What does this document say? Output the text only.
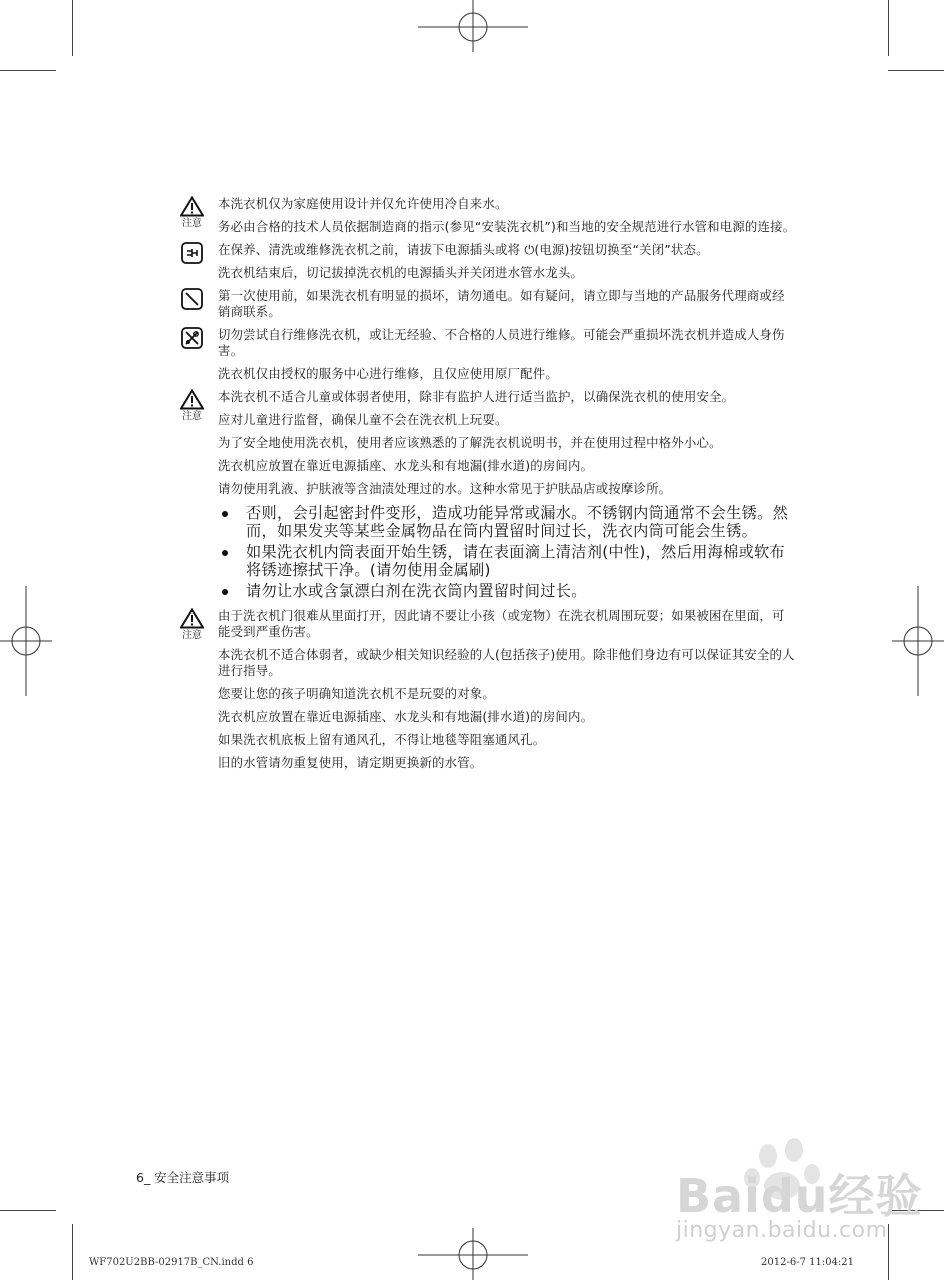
注意

本洗衣机仅为家庭使用设计并仅允许使用冷自来水。

务必由合格的技术人员依据制造商的指示(参见“安装洗衣机”)和当地的安全规范进行水管和电源的连接。

在保养、清洗或维修洗衣机之前，请拔下电源插头或将 ⏻(电源)按钮切换至“关闭”状态。

洗衣机结束后，切记拔掉洗衣机的电源插头并关闭进水管水龙头。

第一次使用前，如果洗衣机有明显的损坏，请勿通电。如有疑问，请立即与当地的产品服务代理商或经销商联系。

切勿尝试自行维修洗衣机，或让无经验、不合格的人员进行维修。可能会严重损坏洗衣机并造成人身伤害。

洗衣机仅由授权的服务中心进行维修，且仅应使用原厂配件。

注意

本洗衣机不适合儿童或体弱者使用，除非有监护人进行适当监护，以确保洗衣机的使用安全。

应对儿童进行监督，确保儿童不会在洗衣机上玩耍。

为了安全地使用洗衣机，使用者应该熟悉的了解洗衣机说明书，并在使用过程中格外小心。

洗衣机应放置在靠近电源插座、水龙头和有地漏(排水道)的房间内。

请勿使用乳液、护肤液等含油渍处理过的水。这种水常见于护肤品店或按摩诊所。

否则，会引起密封件变形，造成功能异常或漏水。不锈钢内筒通常不会生锈。然而，如果发夹等某些金属物品在筒内置留时间过长，洗衣内筒可能会生锈。
如果洗衣机内筒表面开始生锈，请在表面滴上清洁剂(中性)，然后用海棉或软布将锈迹擦拭干净。(请勿使用金属刷)
请勿让水或含氯漂白剂在洗衣筒内置留时间过长。
注意

由于洗衣机门很难从里面打开，因此请不要让小孩（或宠物）在洗衣机周围玩耍；如果被困在里面，可能受到严重伤害。

本洗衣机不适合体弱者，或缺少相关知识经验的人(包括孩子)使用。除非他们身边有可以保证其安全的人进行指导。

您要让您的孩子明确知道洗衣机不是玩耍的对象。

洗衣机应放置在靠近电源插座、水龙头和有地漏(排水道)的房间内。

如果洗衣机底板上留有通风孔，不得让地毯等阻塞通风孔。

旧的水管请勿重复使用，请定期更换新的水管。

Baidu经验
jingyan.baidu.com
6_ 安全注意事项
WF702U2BB-02917B_CN.indd 6	2012-6-7 11:04:21
